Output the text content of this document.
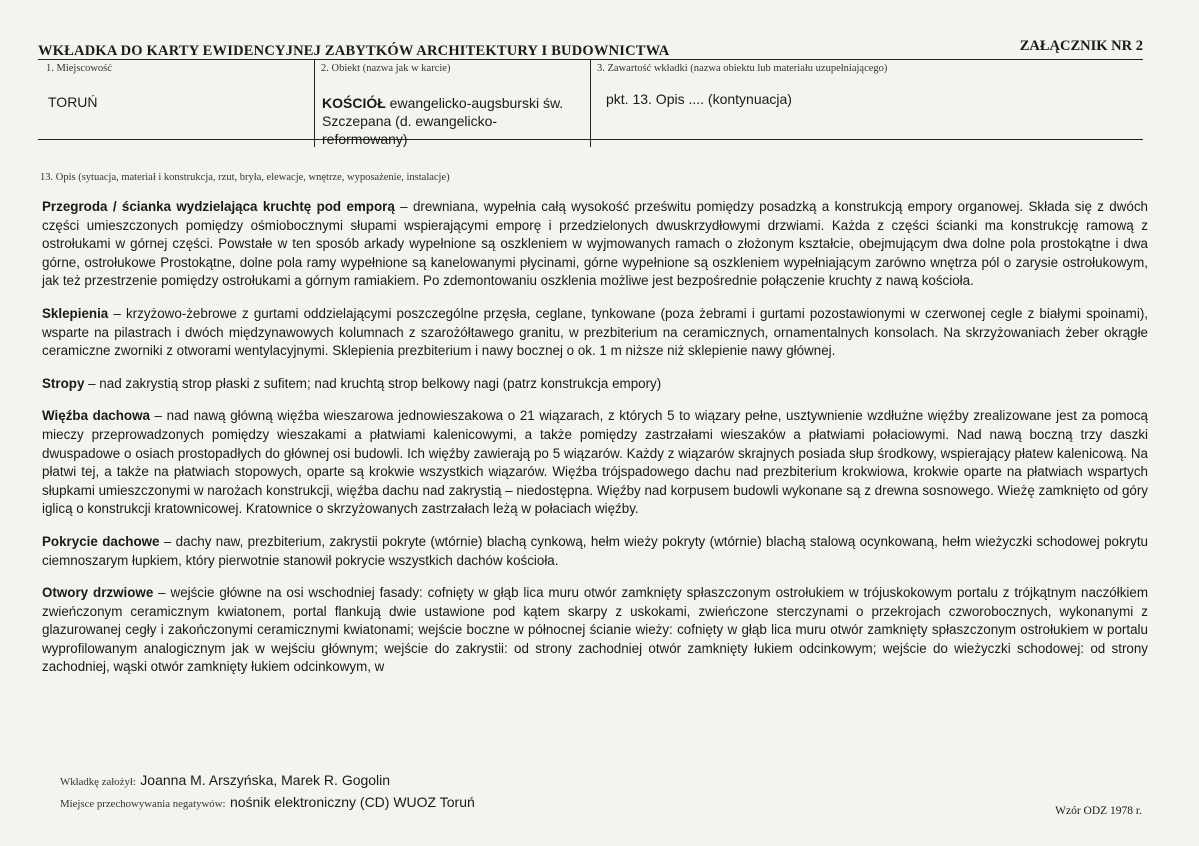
WKŁADKA DO KARTY EWIDENCYJNEJ ZABYTKÓW ARCHITEKTURY I BUDOWNICTWA	ZAŁĄCZNIK NR 2
1. Miejscowość
TORUŃ
2. Obiekt (nazwa jak w karcie)
KOŚCIÓŁ ewangelicko-augsburski św. Szczepana (d. ewangelicko-reformowany)
3. Zawartość wkładki (nazwa obiektu lub materiału uzupełniającego)
pkt. 13. Opis .... (kontynuacja)
13. Opis (sytuacja, materiał i konstrukcja, rzut, bryła, elewacje, wnętrze, wyposażenie, instalacje)

Przegroda / ścianka wydzielająca kruchtę pod emporą – drewniana, wypełnia całą wysokość prześwitu pomiędzy posadzką a konstrukcją empory organowej. Składa się z dwóch części umieszczonych pomiędzy ośmiobocznymi słupami wspierającymi emporę i przedzielonych dwuskrzydłowymi drzwiami. Każda z części ścianki ma konstrukcję ramową z ostrołukami w górnej części. Powstałe w ten sposób arkady wypełnione są oszkleniem w wyjmowanych ramach o złożonym kształcie, obejmującym dwa dolne pola prostokątne i dwa górne, ostrołukowe Prostokątne, dolne pola ramy wypełnione są kanelowanymi płycinami, górne wypełnione są oszkleniem wypełniającym zarówno wnętrza pól o zarysie ostrołukowym, jak też przestrzenie pomiędzy ostrołukami a górnym ramiakiem. Po zdemontowaniu oszklenia możliwe jest bezpośrednie połączenie kruchty z nawą kościoła.

Sklepienia – krzyżowo-żebrowe z gurtami oddzielającymi poszczególne przęsła, ceglane, tynkowane (poza żebrami i gurtami pozostawionymi w czerwonej cegle z białymi spoinami), wsparte na pilastrach i dwóch międzynawowych kolumnach z szarożółtawego granitu, w prezbiterium na ceramicznych, ornamentalnych konsolach. Na skrzyżowaniach żeber okrągłe ceramiczne zworniki z otworami wentylacyjnymi. Sklepienia prezbiterium i nawy bocznej o ok. 1 m niższe niż sklepienie nawy głównej.

Stropy – nad zakrystią strop płaski z sufitem; nad kruchtą strop belkowy nagi (patrz konstrukcja empory)

Więźba dachowa – nad nawą główną więźba wieszarowa jednowieszakowa o 21 wiązarach, z których 5 to wiązary pełne, usztywnienie wzdłużne więźby zrealizowane jest za pomocą mieczy przeprowadzonych pomiędzy wieszakami a płatwiami kalenicowymi, a także pomiędzy zastrzałami wieszaków a płatwiami połaciowymi. Nad nawą boczną trzy daszki dwuspadowe o osiach prostopadłych do głównej osi budowli. Ich więźby zawierają po 5 wiązarów. Każdy z wiązarów skrajnych posiada słup środkowy, wspierający płatew kalenicową. Na płatwi tej, a także na płatwiach stopowych, oparte są krokwie wszystkich wiązarów. Więźba trójspadowego dachu nad prezbiterium krokwiowa, krokwie oparte na płatwiach wspartych słupkami umieszczonymi w narożach konstrukcji, więźba dachu nad zakrystią – niedostępna. Więźby nad korpusem budowli wykonane są z drewna sosnowego. Wieżę zamknięto od góry iglicą o konstrukcji kratownicowej. Kratownice o skrzyżowanych zastrzałach leżą w połaciach więźby.

Pokrycie dachowe – dachy naw, prezbiterium, zakrystii pokryte (wtórnie) blachą cynkową, hełm wieży pokryty (wtórnie) blachą stalową ocynkowaną, hełm wieżyczki schodowej pokrytu ciemnoszarym łupkiem, który pierwotnie stanowił pokrycie wszystkich dachów kościoła.

Otwory drzwiowe – wejście główne na osi wschodniej fasady: cofnięty w głąb lica muru otwór zamknięty spłaszczonym ostrołukiem w trójuskokowym portalu z trójkątnym naczółkiem zwieńczonym ceramicznym kwiatonem, portal flankują dwie ustawione pod kątem skarpy z uskokami, zwieńczone sterczynami o przekrojach czworobocznych, wykonanymi z glazurowanej cegły i zakończonymi ceramicznymi kwiatonami; wejście boczne w północnej ścianie wieży: cofnięty w głąb lica muru otwór zamknięty spłaszczonym ostrołukiem w portalu wyprofilowanym analogicznym jak w wejściu głównym; wejście do zakrystii: od strony zachodniej otwór zamknięty łukiem odcinkowym; wejście do wieżyczki schodowej: od strony zachodniej, wąski otwór zamknięty łukiem odcinkowym, w

Wkładkę założył: Joanna M. Arszyńska, Marek R. Gogolin
Miejsce przechowywania negatywów: nośnik elektroniczny (CD) WUOZ Toruń
Wzór ODZ 1978 r.
